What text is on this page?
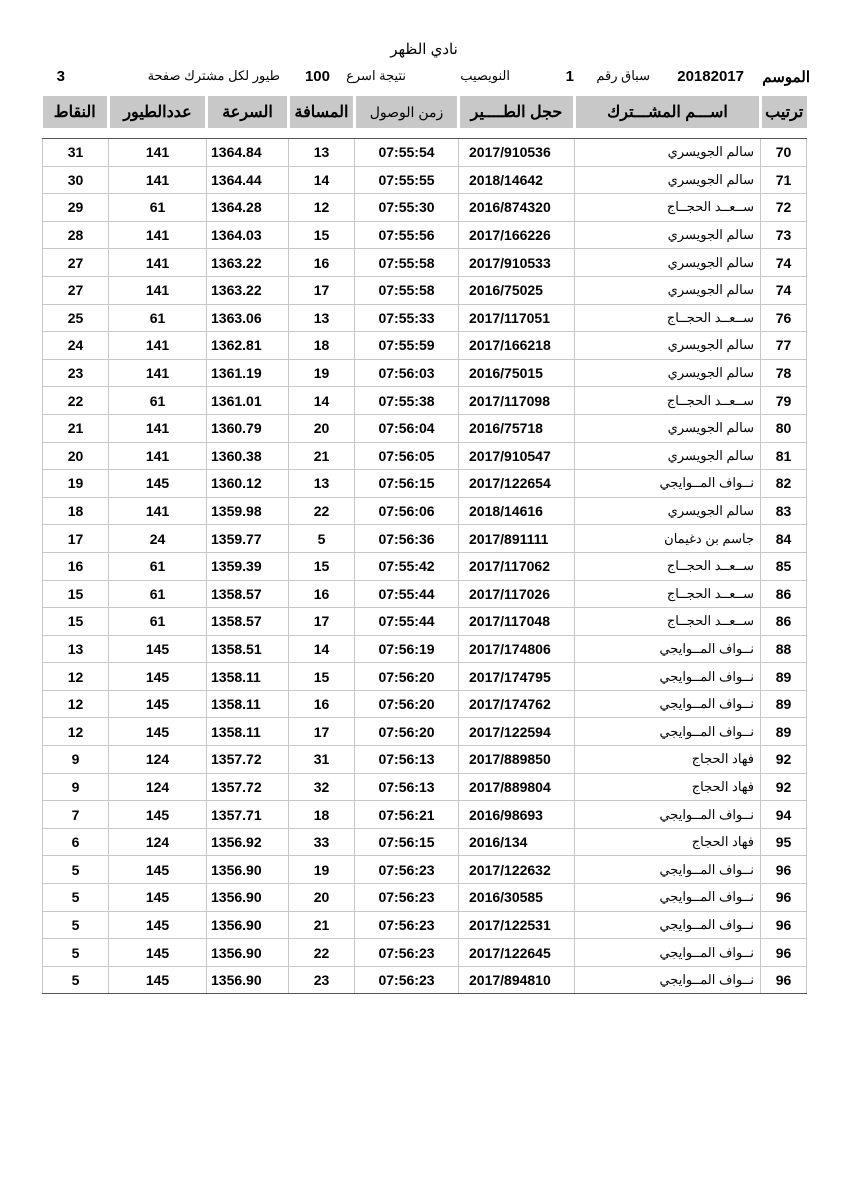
نادي الظهر
الموسم
20182017
سباق رقم
1
النويصيب
نتيجة اسرع
100
طيور لكل مشترك صفحة
3
ترتيب	اســـم المشـــترك	حجل الطــــير	زمن الوصول	المسافة	السرعة	عددالطيور	النقاط

70	سالم الجويسري	2017/910536	07:55:54	13	1364.84	141	31
71	سالم الجويسري	2018/14642	07:55:55	14	1364.44	141	30
72	ســعــد الحجــاج	2016/874320	07:55:30	12	1364.28	61	29
73	سالم الجويسري	2017/166226	07:55:56	15	1364.03	141	28
74	سالم الجويسري	2017/910533	07:55:58	16	1363.22	141	27
74	سالم الجويسري	2016/75025	07:55:58	17	1363.22	141	27
76	ســعــد الحجــاج	2017/117051	07:55:33	13	1363.06	61	25
77	سالم الجويسري	2017/166218	07:55:59	18	1362.81	141	24
78	سالم الجويسري	2016/75015	07:56:03	19	1361.19	141	23
79	ســعــد الحجــاج	2017/117098	07:55:38	14	1361.01	61	22
80	سالم الجويسري	2016/75718	07:56:04	20	1360.79	141	21
81	سالم الجويسري	2017/910547	07:56:05	21	1360.38	141	20
82	نــواف المــوايجي	2017/122654	07:56:15	13	1360.12	145	19
83	سالم الجويسري	2018/14616	07:56:06	22	1359.98	141	18
84	جاسم بن دغيمان	2017/891111	07:56:36	5	1359.77	24	17
85	ســعــد الحجــاج	2017/117062	07:55:42	15	1359.39	61	16
86	ســعــد الحجــاج	2017/117026	07:55:44	16	1358.57	61	15
86	ســعــد الحجــاج	2017/117048	07:55:44	17	1358.57	61	15
88	نــواف المــوايجي	2017/174806	07:56:19	14	1358.51	145	13
89	نــواف المــوايجي	2017/174795	07:56:20	15	1358.11	145	12
89	نــواف المــوايجي	2017/174762	07:56:20	16	1358.11	145	12
89	نــواف المــوايجي	2017/122594	07:56:20	17	1358.11	145	12
92	فهاد الحجاج	2017/889850	07:56:13	31	1357.72	124	9
92	فهاد الحجاج	2017/889804	07:56:13	32	1357.72	124	9
94	نــواف المــوايجي	2016/98693	07:56:21	18	1357.71	145	7
95	فهاد الحجاج	2016/134	07:56:15	33	1356.92	124	6
96	نــواف المــوايجي	2017/122632	07:56:23	19	1356.90	145	5
96	نــواف المــوايجي	2016/30585	07:56:23	20	1356.90	145	5
96	نــواف المــوايجي	2017/122531	07:56:23	21	1356.90	145	5
96	نــواف المــوايجي	2017/122645	07:56:23	22	1356.90	145	5
96	نــواف المــوايجي	2017/894810	07:56:23	23	1356.90	145	5
